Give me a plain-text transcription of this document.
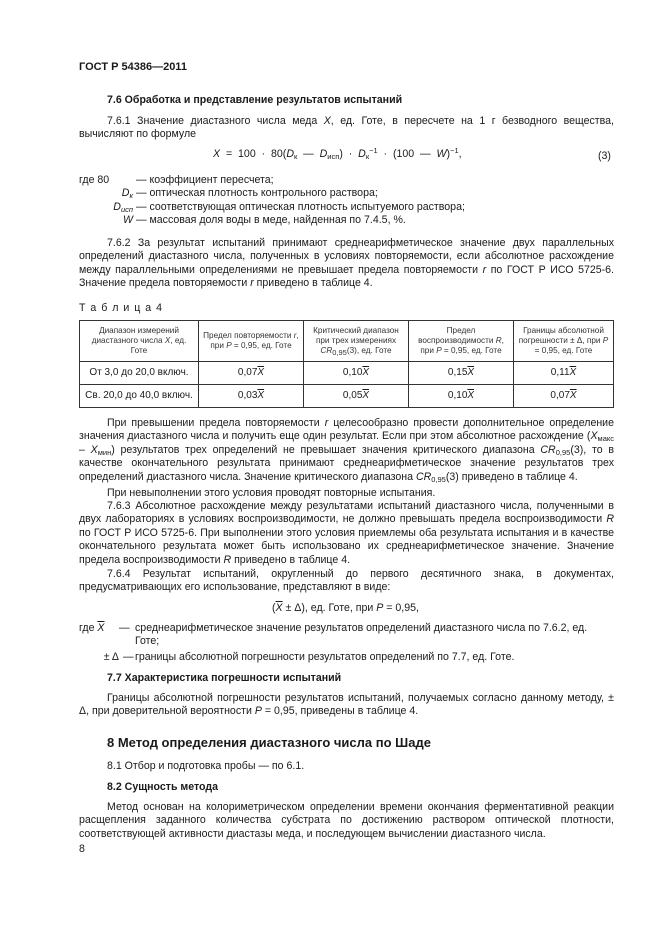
ГОСТ Р 54386—2011
7.6 Обработка и представление результатов испытаний
7.6.1 Значение диастазного числа меда X, ед. Готе, в пересчете на 1 г безводного вещества, вычисляют по формуле
$X = 100 \cdot 80(D_к$  —  $D_{исп}) \cdot D_к^{-1} \cdot (100$  —  W)$^{-1}$,	(3)
где 80 — коэффициент пересчета;
$D_к$ — оптическая плотность контрольного раствора;
$D_{исп}$ — соответствующая оптическая плотность испытуемого раствора;
W — массовая доля воды в меде, найденная по 7.4.5, %.
7.6.2 За результат испытаний принимают среднеарифметическое значение двух параллельных определений диастазного числа, полученных в условиях повторяемости, если абсолютное расхождение между параллельными определениями не превышает предела повторяемости r по ГОСТ Р ИСО 5725-6. Значение предела повторяемости r приведено в таблице 4.
Т а б л и ц а 4
Диапазон измерений диастазного числа X, ед. Готе	Предел повторяемости r, при P = 0,95, ед. Готе	Критический диапазон при трех измерениях $CR_{0,95}(3)$, ед. Готе	Предел воспроизводимости R, при P = 0,95, ед. Готе	Границы абсолютной погрешности ± Δ, при P = 0,95, ед. Готе
От 3,0 до 20,0 включ.	$0,07\overline{X}$	$0,10\overline{X}$	$0,15\overline{X}$	$0,11\overline{X}$
Св. 20,0 до 40,0 включ.	$0,03\overline{X}$	$0,05\overline{X}$	$0,10\overline{X}$	$0,07\overline{X}$
При превышении предела повторяемости r целесообразно провести дополнительное определение значения диастазного числа и получить еще один результат. Если при этом абсолютное расхождение $(X_{макс} - X_{мин})$ результатов трех определений не превышает значения критического диапазона $CR_{0,95}(3)$, то в качестве окончательного результата принимают среднеарифметическое значение результатов трех определений диастазного числа. Значение критического диапазона $CR_{0,95}(3)$ приведено в таблице 4.
При невыполнении этого условия проводят повторные испытания.
7.6.3 Абсолютное расхождение между результатами испытаний диастазного числа, полученными в двух лабораториях в условиях воспроизводимости, не должно превышать предела воспроизводимости R по ГОСТ Р ИСО 5725-6. При выполнении этого условия приемлемы оба результата испытания и в качестве окончательного результата может быть использовано их среднеарифметическое значение. Значение предела воспроизводимости R приведено в таблице 4.
7.6.4 Результат испытаний, округленный до первого десятичного знака, в документах, предусматривающих его использование, представляют в виде:
$(\overline{X} \pm \Delta)$, ед. Готе, при P = 0,95,
где $\overline{X}$	— среднеарифметическое значение результатов определений диастазного числа по 7.6.2, ед. Готе;
± Δ — границы абсолютной погрешности результатов определений по 7.7, ед. Готе.
7.7 Характеристика погрешности испытаний
Границы абсолютной погрешности результатов испытаний, получаемых согласно данному методу, ± Δ, при доверительной вероятности P = 0,95, приведены в таблице 4.
8 Метод определения диастазного числа по Шаде
8.1 Отбор и подготовка пробы — по 6.1.
8.2 Сущность метода
Метод основан на колориметрическом определении времени окончания ферментативной реакции расщепления заданного количества субстрата по достижению раствором оптической плотности, соответствующей активности диастазы меда, и последующем вычислении диастазного числа.
8
